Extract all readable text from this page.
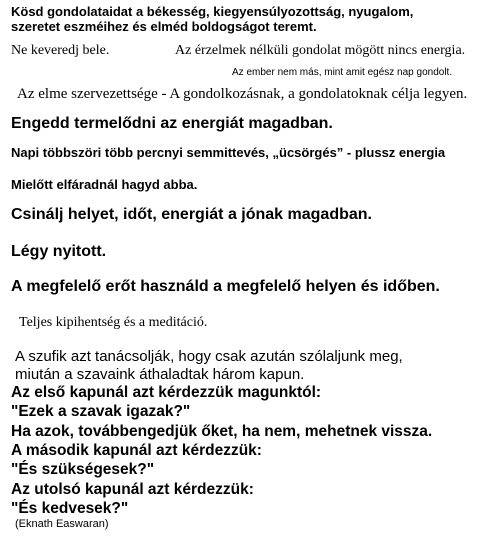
Kösd gondolataidat a békesség, kiegyensúlyozottság, nyugalom,

szeretet eszméihez és elméd boldogságot teremt.

Ne keveredj bele.	Az érzelmek nélküli gondolat mögött nincs energia.

Az ember nem más, mint amit egész nap gondolt.

Az elme szervezettsége - A gondolkozásnak, a gondolatoknak célja legyen.

Engedd termelődni az energiát magadban.

Napi többszöri több percnyi semmittevés, „ücsörgés” - plussz energia

Mielőtt elfáradnál hagyd abba.

Csinálj helyet, időt, energiát a jónak magadban.

Légy nyitott.

A megfelelő erőt használd a megfelelő helyen és időben.

Teljes kipihentség és a meditáció.

A szufik azt tanácsolják, hogy csak azután szólaljunk meg,

miután a szavaink áthaladtak három kapun.

Az első kapunál azt kérdezzük magunktól:

"Ezek a szavak igazak?"

Ha azok, továbbengedjük őket, ha nem, mehetnek vissza.

A második kapunál azt kérdezzük:

"És szükségesek?"

Az utolsó kapunál azt kérdezzük:

"És kedvesek?"

(Eknath Easwaran)
